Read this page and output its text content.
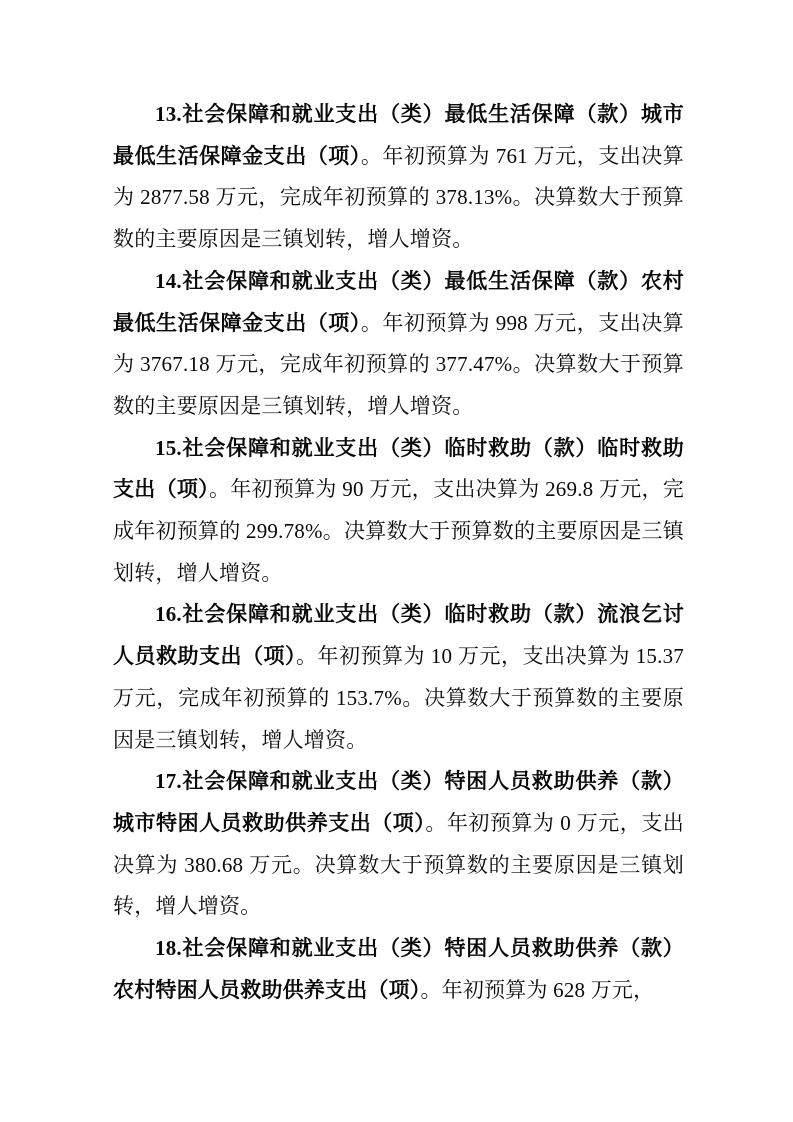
13.社会保障和就业支出（类）最低生活保障（款）城市最低生活保障金支出（项）。年初预算为 761 万元，支出决算为 2877.58 万元，完成年初预算的 378.13%。决算数大于预算数的主要原因是三镇划转，增人增资。

14.社会保障和就业支出（类）最低生活保障（款）农村最低生活保障金支出（项）。年初预算为 998 万元，支出决算为 3767.18 万元，完成年初预算的 377.47%。决算数大于预算数的主要原因是三镇划转，增人增资。

15.社会保障和就业支出（类）临时救助（款）临时救助支出（项）。年初预算为 90 万元，支出决算为 269.8 万元，完成年初预算的 299.78%。决算数大于预算数的主要原因是三镇划转，增人增资。

16.社会保障和就业支出（类）临时救助（款）流浪乞讨人员救助支出（项）。年初预算为 10 万元，支出决算为 15.37 万元，完成年初预算的 153.7%。决算数大于预算数的主要原因是三镇划转，增人增资。

17.社会保障和就业支出（类）特困人员救助供养（款）城市特困人员救助供养支出（项）。年初预算为 0 万元，支出决算为 380.68 万元。决算数大于预算数的主要原因是三镇划转，增人增资。

18.社会保障和就业支出（类）特困人员救助供养（款）农村特困人员救助供养支出（项）。年初预算为 628 万元，
